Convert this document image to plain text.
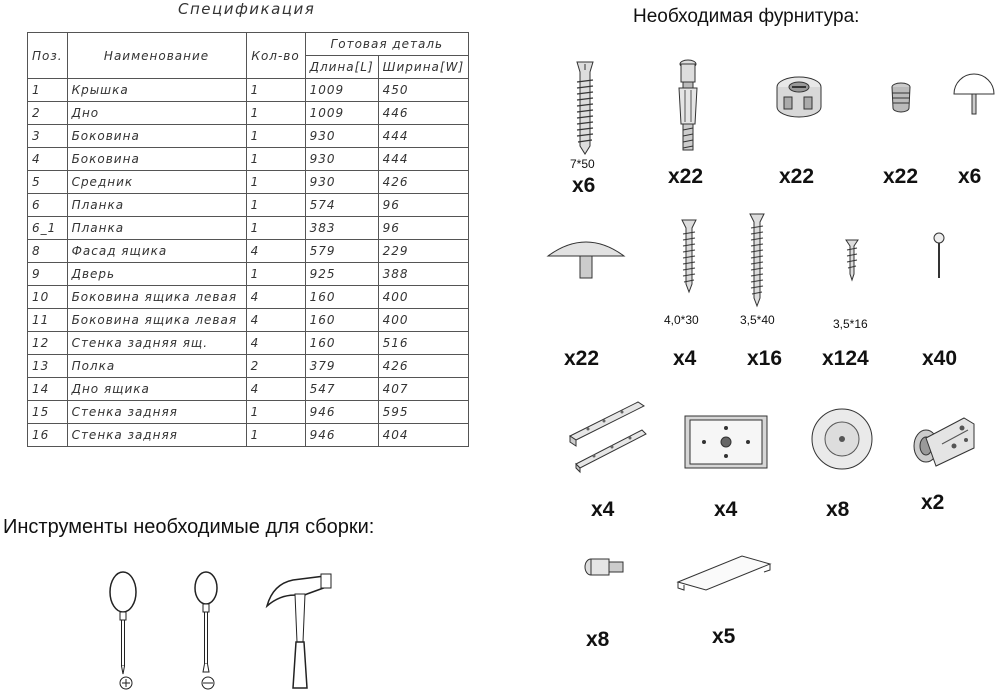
Спецификация
Поз.	Наименование	Кол-во	Готовая деталь	
			Длина[L]	Ширина[W]
1	Крышка	1	1009	450
2	Дно	1	1009	446
3	Боковина	1	930	444
4	Боковина	1	930	444
5	Средник	1	930	426
6	Планка	1	574	96
6_1	Планка	1	383	96
8	Фасад ящика	4	579	229
9	Дверь	1	925	388
10	Боковина ящика левая	4	160	400
11	Боковина ящика левая	4	160	400
12	Стенка задняя ящ.	4	160	516
13	Полка	2	379	426
14	Дно ящика	4	547	407
15	Стенка задняя	1	946	595
16	Стенка задняя	1	946	404
Необходимая фурнитура:
7*50
x6	x22	x22	x22 x6
x22
4,0*30
x4
3,5*40
x16
3,5*16
x124	x40
x4	x4	x8	x2
x8	x5
Инструменты необходимые для сборки:
